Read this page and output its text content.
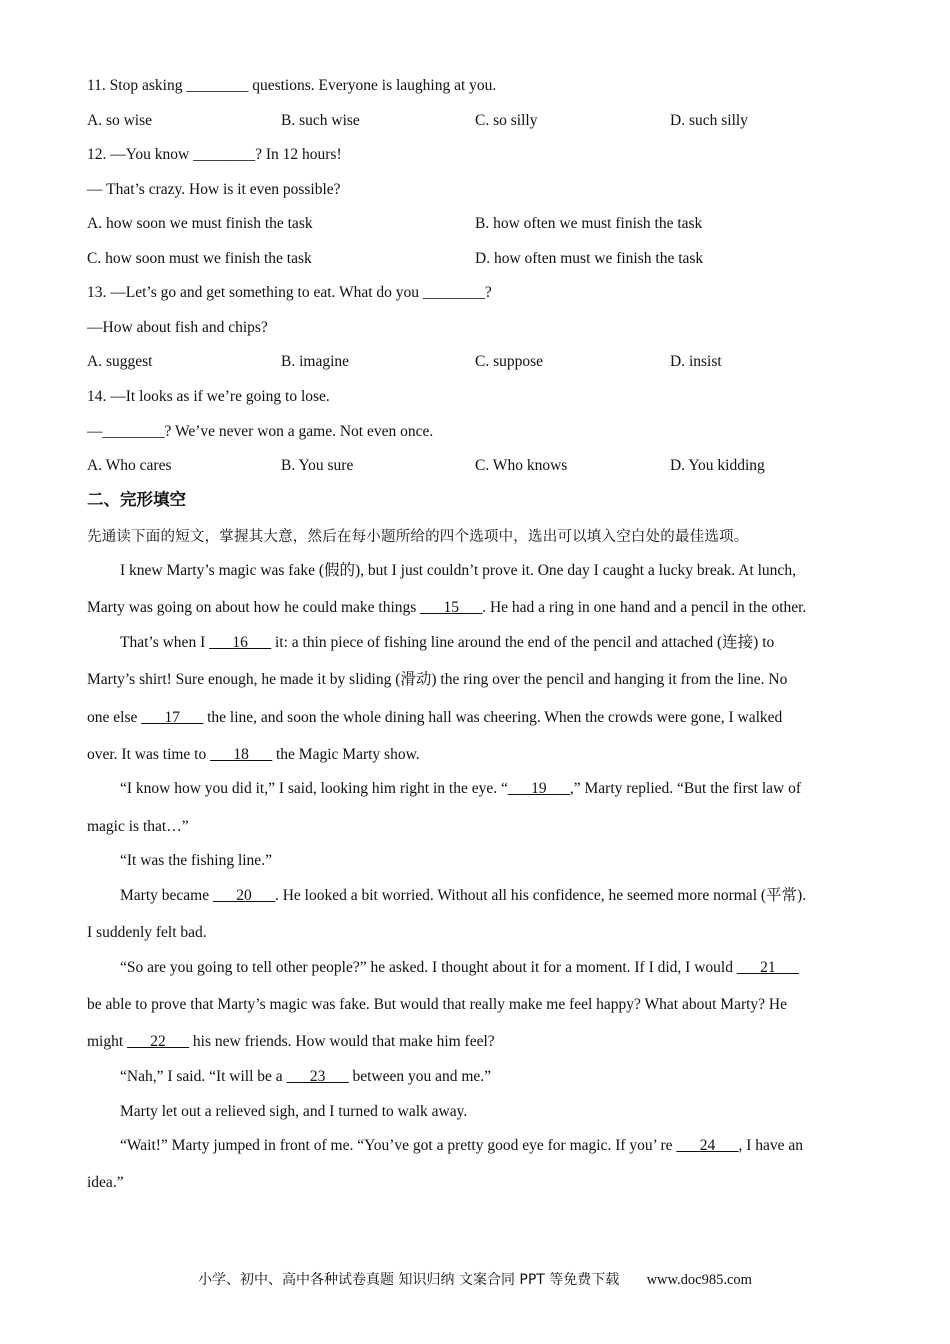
11. Stop asking ________ questions. Everyone is laughing at you.
A. so wise	B. such wise	C. so silly	D. such silly
12. —You know ________? In 12 hours!
— That’s crazy. How is it even possible?
A. how soon we must finish the task	B. how often we must finish the task
C. how soon must we finish the task	D. how often must we finish the task
13. —Let’s go and get something to eat. What do you ________?
—How about fish and chips?
A. suggest	B. imagine	C. suppose	D. insist
14. —It looks as if we’re going to lose.
—________? We’ve never won a game. Not even once.
A. Who cares	B. You sure	C. Who knows	D. You kidding
二、完形填空
先通读下面的短文，掌握其大意，然后在每小题所给的四个选项中，选出可以填入空白处的最佳选项。
I knew Marty’s magic was fake (假的), but I just couldn’t prove it. One day I caught a lucky break. At lunch,
Marty was going on about how he could make things ___15___. He had a ring in one hand and a pencil in the other.
That’s when I ___16___ it: a thin piece of fishing line around the end of the pencil and attached (连接) to
Marty’s shirt! Sure enough, he made it by sliding (滑动) the ring over the pencil and hanging it from the line. No
one else ___17___ the line, and soon the whole dining hall was cheering. When the crowds were gone, I walked
over. It was time to ___18___ the Magic Marty show.
“I know how you did it,” I said, looking him right in the eye. “___19___,” Marty replied. “But the first law of
magic is that…”
“It was the fishing line.”
Marty became ___20___. He looked a bit worried. Without all his confidence, he seemed more normal (平常).
I suddenly felt bad.
“So are you going to tell other people?” he asked. I thought about it for a moment. If I did, I would ___21___
be able to prove that Marty’s magic was fake. But would that really make me feel happy? What about Marty? He
might ___22___ his new friends. How would that make him feel?
“Nah,” I said. “It will be a ___23___ between you and me.”
Marty let out a relieved sigh, and I turned to walk away.
“Wait!” Marty jumped in front of me. “You’ve got a pretty good eye for magic. If you’ re ___24___, I have an
idea.”
小学、初中、高中各种试卷真题 知识归纳 文案合同 PPT 等免费下载 www.doc985.com
